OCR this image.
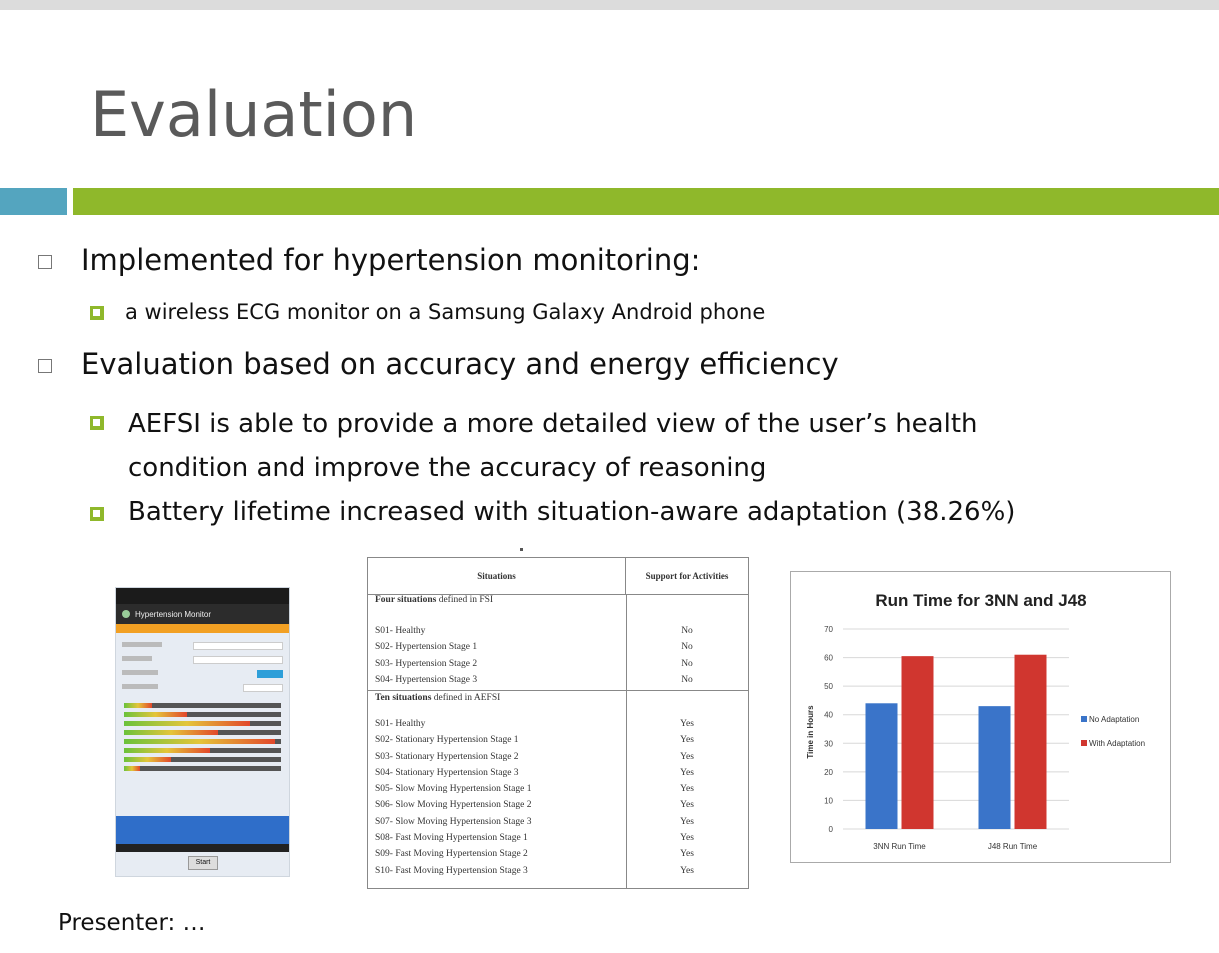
Evaluation
Implemented for hypertension monitoring:
a wireless ECG monitor on a Samsung Galaxy Android phone
Evaluation based on accuracy and energy efficiency
AEFSI is able to provide a more detailed view of the user’s health condition and improve the accuracy of reasoning
Battery lifetime increased with situation-aware adaptation (38.26%)
Hypertension Monitor
Start
Situations	Support for Activities
Four situations defined in FSI
S01- Healthy	No
S02- Hypertension Stage 1	No
S03- Hypertension Stage 2	No
S04- Hypertension Stage 3	No
Ten situations defined in AEFSI
S01- Healthy	Yes
S02- Stationary Hypertension Stage 1	Yes
S03- Stationary Hypertension Stage 2	Yes
S04- Stationary Hypertension Stage 3	Yes
S05- Slow Moving Hypertension Stage 1	Yes
S06- Slow Moving Hypertension Stage 2	Yes
S07- Slow Moving Hypertension Stage 3	Yes
S08- Fast Moving Hypertension Stage 1	Yes
S09- Fast Moving Hypertension Stage 2	Yes
S10- Fast Moving Hypertension Stage 3	Yes
Run Time for 3NN and J48
0
10
20
30
40
50
60
70
Time in Hours
3NN Run Time	J48 Run Time
No Adaptation
With Adaptation
Presenter: …
